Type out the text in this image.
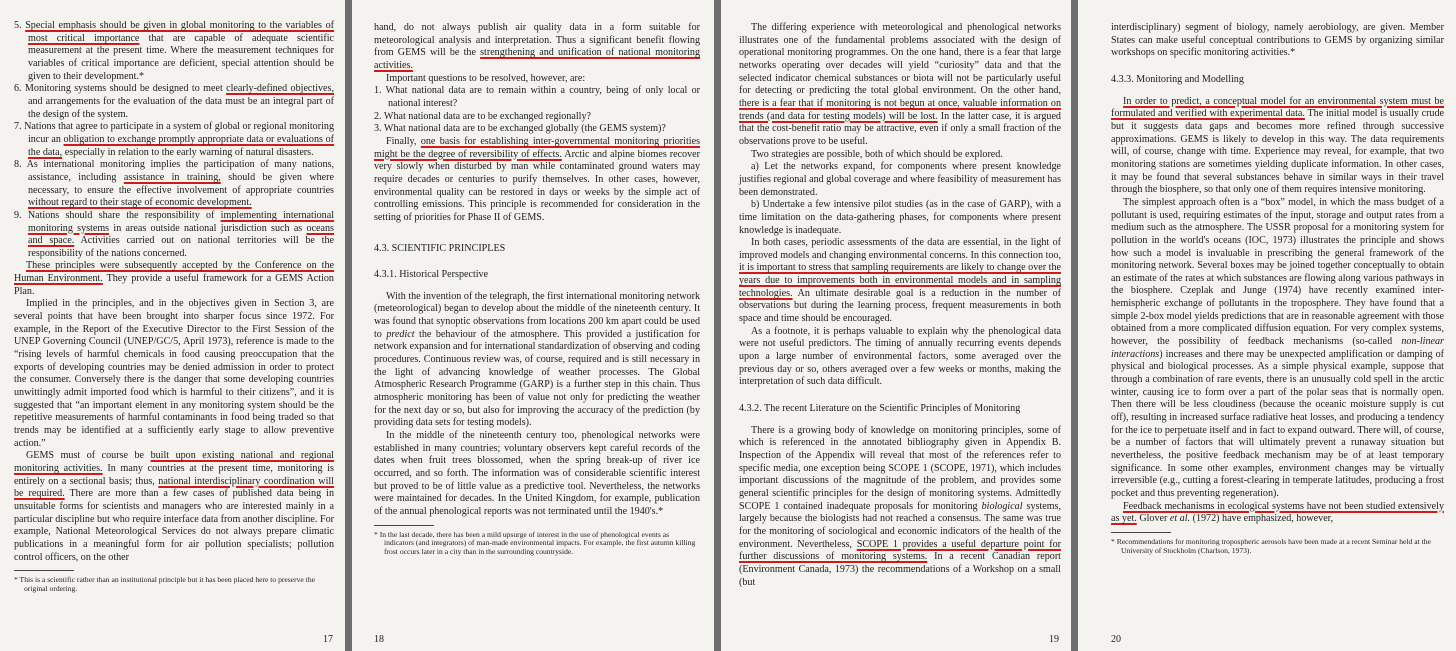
5. Special emphasis should be given in global monitoring to the variables of most critical importance that are capable of adequate scientific measurement at the present time. Where the measurement techniques for variables of critical importance are deficient, special attention should be given to their development.*

6. Monitoring systems should be designed to meet clearly-defined objectives, and arrangements for the evaluation of the data must be an integral part of the design of the system.

7. Nations that agree to participate in a system of global or regional monitoring incur an obligation to exchange promptly appropriate data or evaluations of the data, especially in relation to the early warning of natural disasters.

8. As international monitoring implies the participation of many nations, assistance, including assistance in training, should be given where necessary, to ensure the effective involvement of appropriate countries without regard to their stage of economic development.

9. Nations should share the responsibility of implementing international monitoring systems in areas outside national jurisdiction such as oceans and space. Activities carried out on national territories will be the responsibility of the nations concerned.

These principles were subsequently accepted by the Conference on the Human Environment. They provide a useful framework for a GEMS Action Plan.

Implied in the principles, and in the objectives given in Section 3, are several points that have been brought into sharper focus since 1972. For example, in the Report of the Executive Director to the First Session of the UNEP Governing Council (UNEP/GC/5, April 1973), reference is made to the “rising levels of harmful chemicals in food causing preoccupation that the exports of developing countries may be denied admission in order to protect the consumer. Conversely there is the danger that some developing countries unwittingly admit imported food which is harmful to their citizens”, and it is suggested that “an important element in any monitoring system should be the repetitive measurements of harmful contaminants in food being traded so that trends may be identified at a sufficiently early stage to allow preventive action.”

GEMS must of course be built upon existing national and regional monitoring activities. In many countries at the present time, monitoring is entirely on a sectional basis; thus, national interdisciplinary coordination will be required. There are more than a few cases of published data being in unsuitable forms for scientists and managers who are interested mainly in a particular discipline but who require interface data from another discipline. For example, National Meteorological Services do not always prepare climatic publications in a meaningful form for air pollution specialists; pollution control officers, on the other

* This is a scientific rather than an institutional principle but it has been placed here to preserve the original ordering.
17

hand, do not always publish air quality data in a form suitable for meteorological analysis and interpretation. Thus a significant benefit flowing from GEMS will be the strengthening and unification of national monitoring activities.

Important questions to be resolved, however, are:

1. What national data are to remain within a country, being of only local or national interest?

2. What national data are to be exchanged regionally?

3. What national data are to be exchanged globally (the GEMS system)?

Finally, one basis for establishing inter-governmental monitoring priorities might be the degree of reversibility of effects. Arctic and alpine biomes recover very slowly when disturbed by man while contaminated ground waters may require decades or centuries to purify themselves. In other cases, however, environmental quality can be restored in days or weeks by the simple act of controlling emissions. This principle is recommended for consideration in the setting of priorities for Phase II of GEMS.

4.3. SCIENTIFIC PRINCIPLES

4.3.1. Historical Perspective

With the invention of the telegraph, the first international monitoring network (meteorological) began to develop about the middle of the nineteenth century. It was found that synoptic observations from locations 200 km apart could be used to predict the behaviour of the atmosphere. This provided a justification for network expansion and for international standardization of observing and coding procedures. Continuous review was, of course, required and is still necessary in the light of advancing knowledge of weather processes. The Global Atmospheric Research Programme (GARP) is a further step in this chain. Thus atmospheric monitoring has been of value not only for predicting the weather for the next day or so, but also for improving the accuracy of the prediction (by providing data sets for testing models).

In the middle of the nineteenth century too, phenological networks were established in many countries; voluntary observers kept careful records of the dates when fruit trees blossomed, when the spring break-up of river ice occurred, and so forth. The information was of considerable scientific interest but proved to be of little value as a predictive tool. Nevertheless, the networks were maintained for decades. In the United Kingdom, for example, publication of the annual phenological reports was not terminated until the 1940's.*

* In the last decade, there has been a mild upsurge of interest in the use of phenological events as indicators (and integrators) of man-made environmental impacts. For example, the first autumn killing frost occurs later in a city than in the surrounding countryside.
18

The differing experience with meteorological and phenological networks illustrates one of the fundamental problems associated with the design of operational monitoring programmes. On the one hand, there is a fear that large networks operating over decades will yield “curiosity” data and that the selected indicator chemical substances or biota will not be particularly useful for detecting or predicting the total global environment. On the other hand, there is a fear that if monitoring is not begun at once, valuable information on trends (and data for testing models) will be lost. In the latter case, it is argued that the cost-benefit ratio may be attractive, even if only a small fraction of the observations prove to be useful.

Two strategies are possible, both of which should be explored.

a) Let the networks expand, for components where present knowledge justifies regional and global coverage and where feasibility of measurement has been demonstrated.

b) Undertake a few intensive pilot studies (as in the case of GARP), with a time limitation on the data-gathering phases, for components where present knowledge is inadequate.

In both cases, periodic assessments of the data are essential, in the light of improved models and changing environmental concerns. In this connection too, it is important to stress that sampling requirements are likely to change over the years due to improvements both in environmental models and in sampling technologies. An ultimate desirable goal is a reduction in the number of observations but during the learning process, frequent measurements in both space and time should be encouraged.

As a footnote, it is perhaps valuable to explain why the phenological data were not useful predictors. The timing of annually recurring events depends upon a large number of environmental factors, some averaged over the previous day or so, others averaged over a few weeks or months, making the interpretation of such data difficult.

4.3.2. The recent Literature on the Scientific Principles of Monitoring

There is a growing body of knowledge on monitoring principles, some of which is referenced in the annotated bibliography given in Appendix B. Inspection of the Appendix will reveal that most of the references refer to specific media, one exception being SCOPE 1 (SCOPE, 1971), which includes important discussions of the magnitude of the problem, and provides some general scientific principles for the design of monitoring systems. Admittedly SCOPE 1 contained inadequate proposals for monitoring biological systems, largely because the biologists had not reached a consensus. The same was true for the monitoring of sociological and economic indicators of the health of the environment. Nevertheless, SCOPE 1 provides a useful departure point for further discussions of monitoring systems. In a recent Canadian report (Environment Canada, 1973) the recommendations of a Workshop on a small (but

19

interdisciplinary) segment of biology, namely aerobiology, are given. Member States can make useful conceptual contributions to GEMS by organizing similar workshops on specific monitoring activities.*

4.3.3. Monitoring and Modelling

In order to predict, a conceptual model for an environmental system must be formulated and verified with experimental data. The initial model is usually crude but it suggests data gaps and becomes more refined through successive approximations. GEMS is likely to develop in this way. The data requirements will, of course, change with time. Experience may reveal, for example, that two monitoring stations are sometimes yielding duplicate information. In other cases, it may be found that several substances behave in similar ways in their travel through the biosphere, so that only one of them requires intensive monitoring.

The simplest approach often is a “box” model, in which the mass budget of a pollutant is used, requiring estimates of the input, storage and output rates from a medium such as the atmosphere. The USSR proposal for a monitoring system for pollution in the world's oceans (IOC, 1973) illustrates the principle and shows how such a model is invaluable in prescribing the general framework of the monitoring network. Several boxes may be joined together conceptually to obtain an estimate of the rates at which substances are flowing along various pathways in the biosphere. Czeplak and Junge (1974) have recently examined inter-hemispheric exchange of pollutants in the troposphere. They have found that a simple 2-box model yields predictions that are in reasonable agreement with those obtained from a more complicated diffusion equation. For very complex systems, however, the possibility of feedback mechanisms (so-called non-linear interactions) increases and there may be unexpected amplification or damping of physical and biological processes. As a simple physical example, suppose that through a combination of rare events, there is an unusually cold spell in the arctic winter, causing ice to form over a part of the polar seas that is normally open. Then there will be less cloudiness (because the oceanic moisture supply is cut off), resulting in increased surface radiative heat losses, and producing a tendency for the ice to perpetuate itself and in fact to expand outward. There will, of course, be a number of factors that will ultimately prevent a runaway situation but nevertheless, the positive feedback mechanism may be of at least temporary significance. In some other examples, environment changes may be virtually irreversible (e.g., cutting a forest-clearing in temperate latitudes, producing a frost pocket and thus preventing regeneration).

Feedback mechanisms in ecological systems have not been studied extensively as yet. Glover et al. (1972) have emphasized, however,

* Recommendations for monitoring tropospheric aerosols have been made at a recent Seminar held at the University of Stockholm (Charlson, 1973).
20
